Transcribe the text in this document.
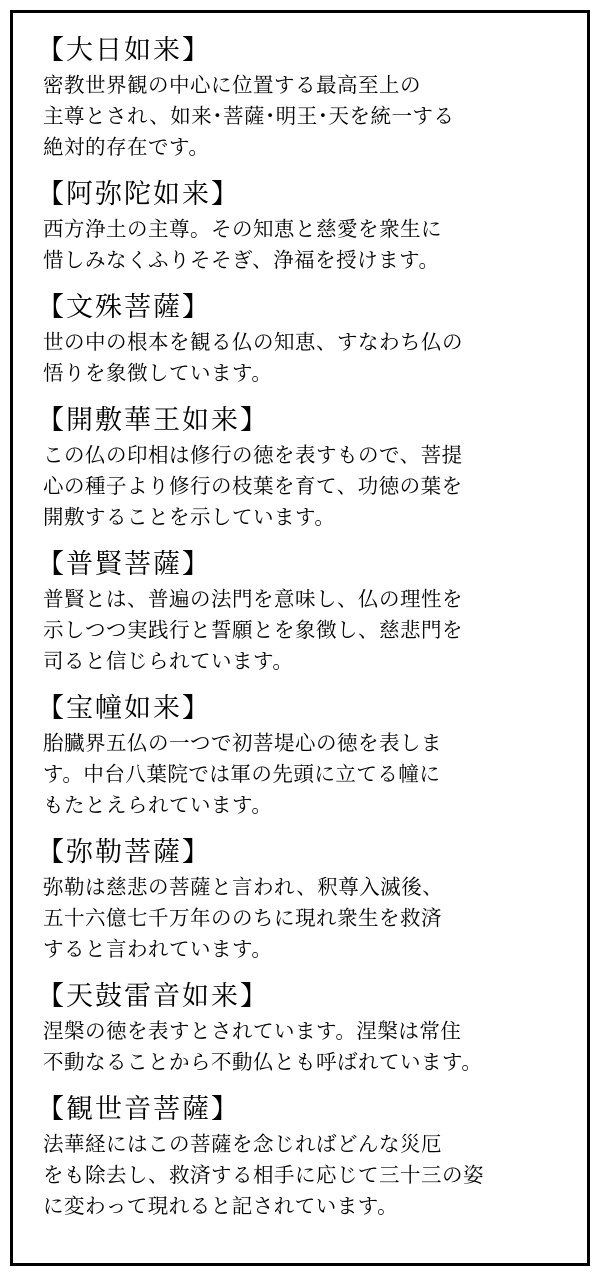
【大日如来】

密教世界観の中心に位置する最高至上の
主尊とされ、如来･菩薩･明王･天を統一する
絶対的存在です。

【阿弥陀如来】

西方浄土の主尊。その知恵と慈愛を衆生に
惜しみなくふりそそぎ、浄福を授けます。

【文殊菩薩】

世の中の根本を観る仏の知恵、すなわち仏の
悟りを象徴しています。

【開敷華王如来】

この仏の印相は修行の徳を表すもので、菩提
心の種子より修行の枝葉を育て、功徳の葉を
開敷することを示しています。

【普賢菩薩】

普賢とは、普遍の法門を意味し、仏の理性を
示しつつ実践行と誓願とを象徴し、慈悲門を
司ると信じられています。

【宝幢如来】

胎臓界五仏の一つで初菩堤心の徳を表しま
す。中台八葉院では軍の先頭に立てる幢に
もたとえられています。

【弥勒菩薩】

弥勒は慈悲の菩薩と言われ、釈尊入滅後、
五十六億七千万年ののちに現れ衆生を救済
すると言われています。

【天鼓雷音如来】

涅槃の徳を表すとされています。涅槃は常住
不動なることから不動仏とも呼ばれています。

【観世音菩薩】

法華経にはこの菩薩を念じればどんな災厄
をも除去し、救済する相手に応じて三十三の姿
に変わって現れると記されています。
